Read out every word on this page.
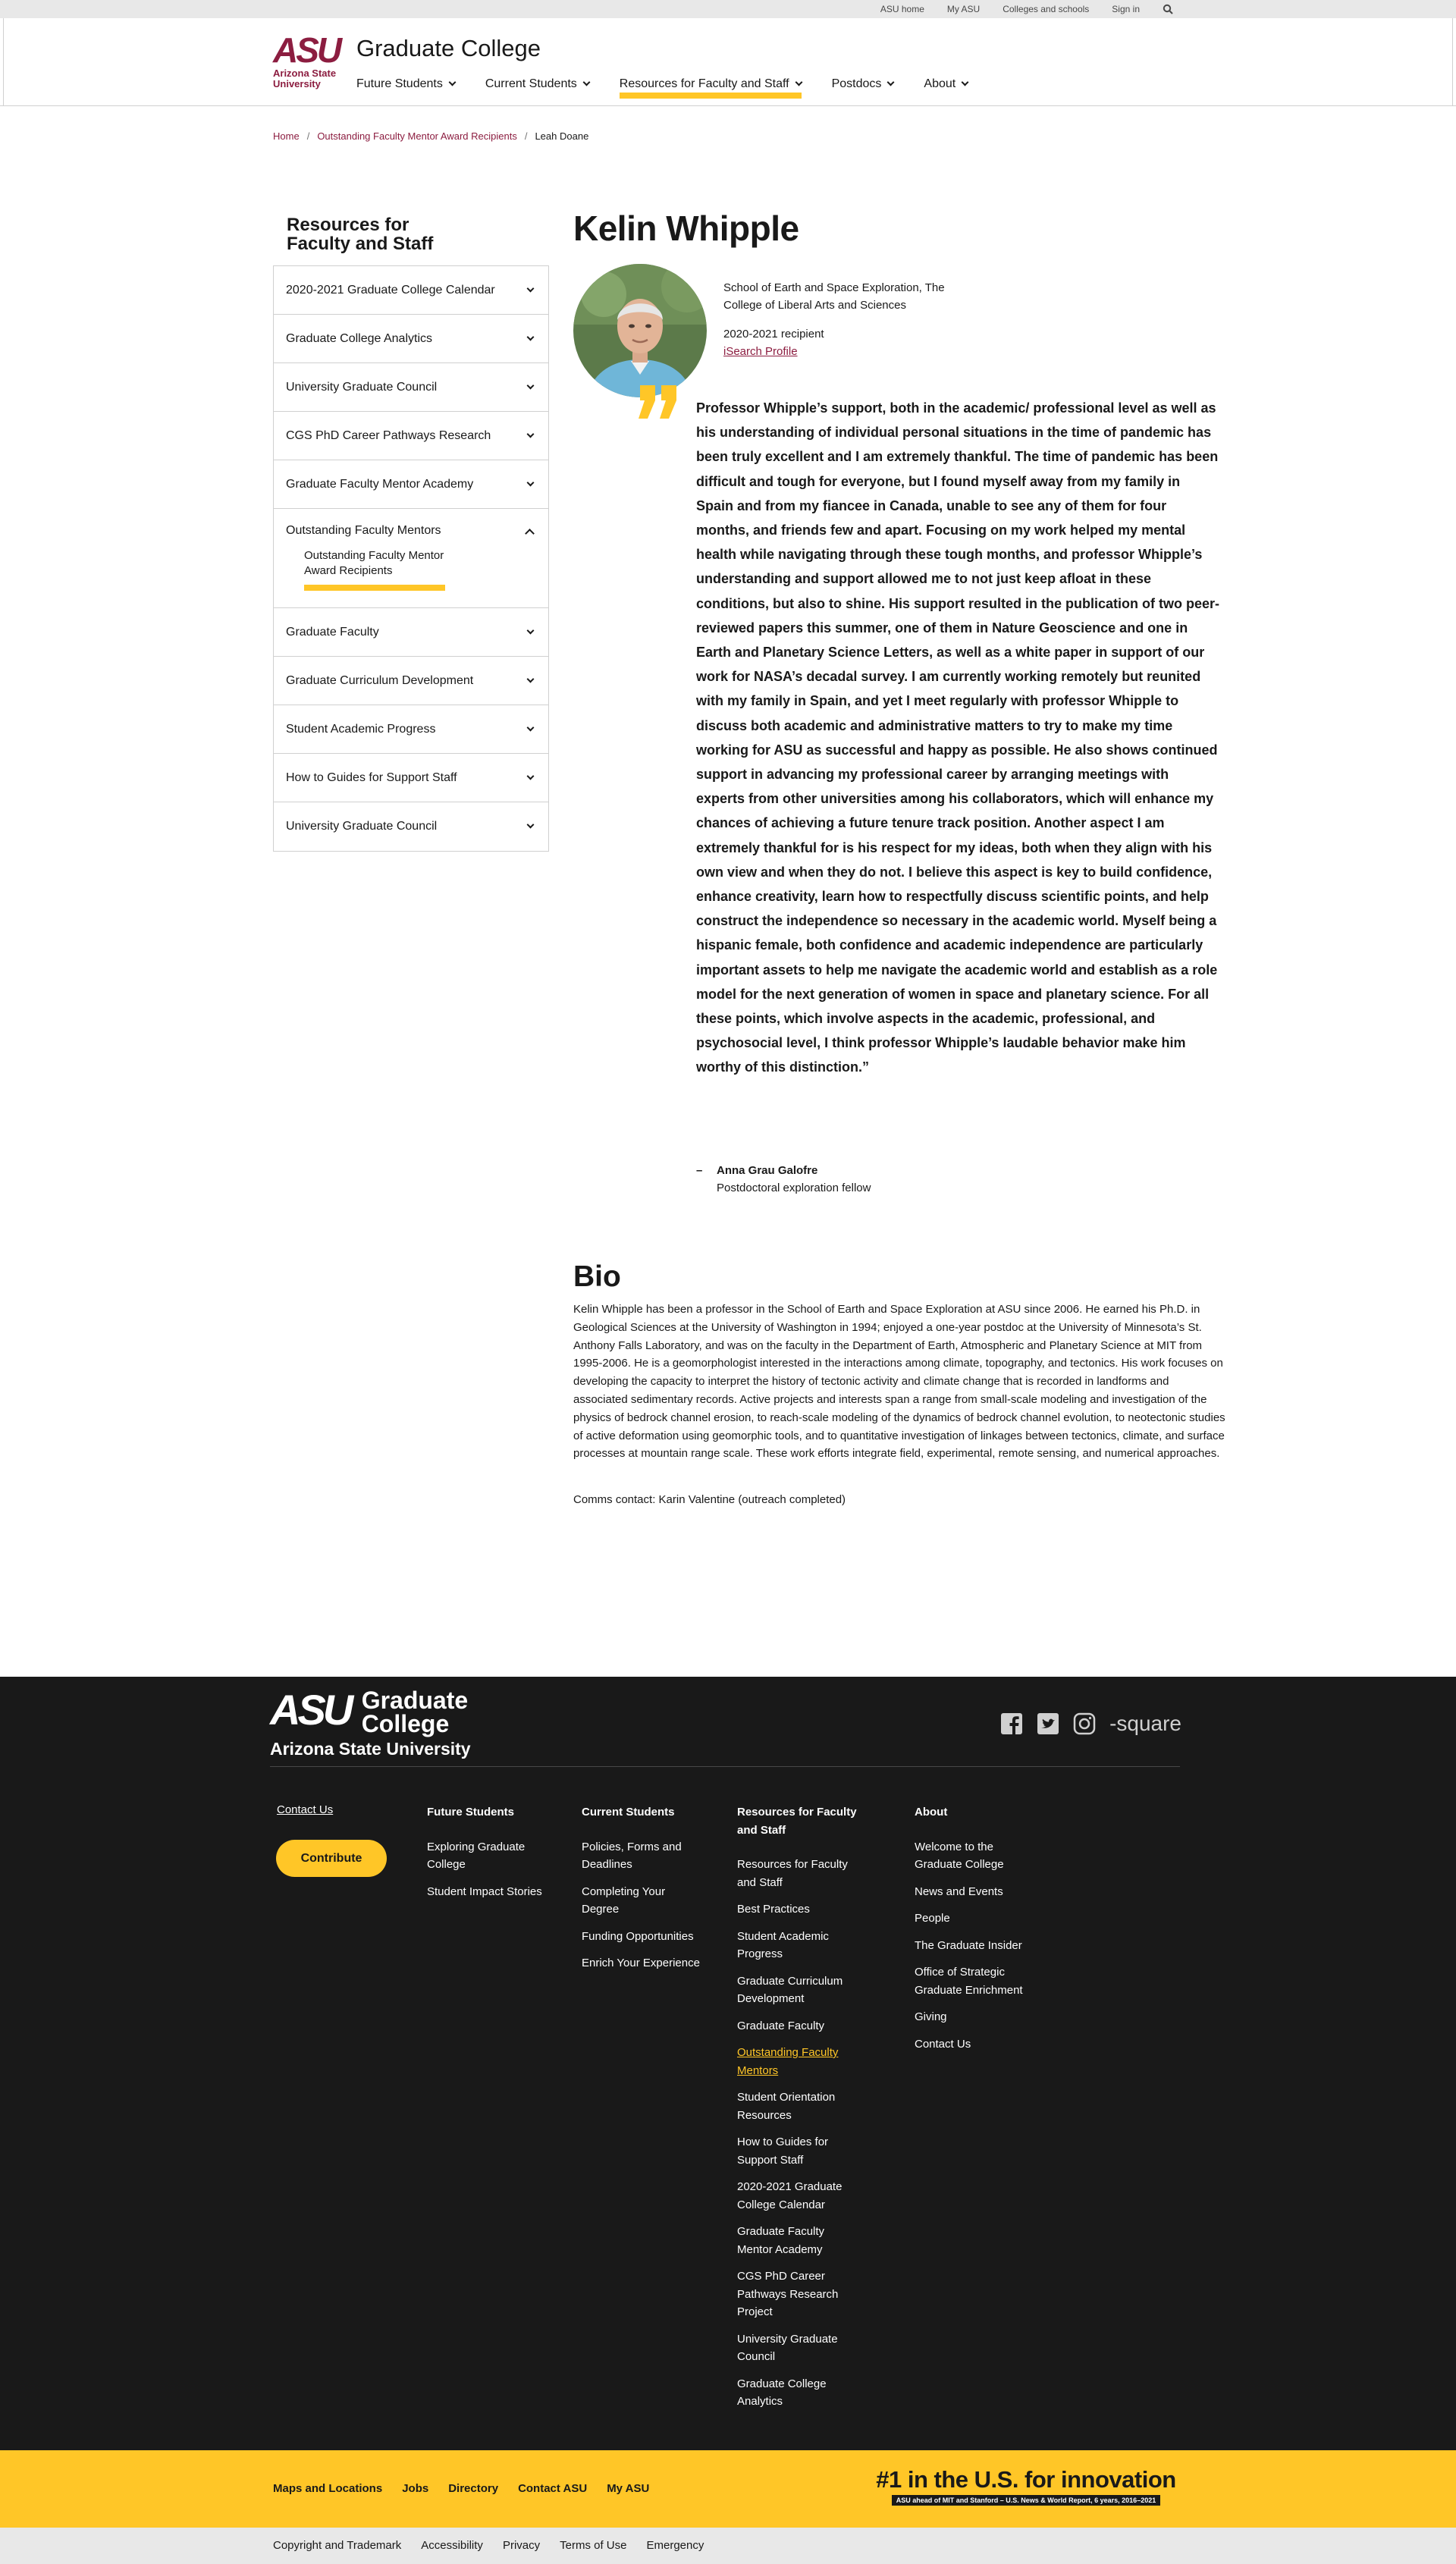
ASU home	My ASU	Colleges and schools	Sign in
ASU
Arizona State University
Graduate College
Future Students	Current Students	Resources for Faculty and Staff	Postdocs	About
Home / Outstanding Faculty Mentor Award Recipients / Leah Doane
Resources for Faculty and Staff
2020-2021 Graduate College Calendar
Graduate College Analytics
University Graduate Council
CGS PhD Career Pathways Research
Graduate Faculty Mentor Academy
Outstanding Faculty Mentors
Outstanding Faculty Mentor Award Recipients
Graduate Faculty
Graduate Curriculum Development
Student Academic Progress
How to Guides for Support Staff
University Graduate Council
Kelin Whipple
School of Earth and Space Exploration, The College of Liberal Arts and Sciences
2020-2021 recipient
iSearch Profile
Professor Whipple’s support, both in the academic/ professional level as well as his understanding of individual personal situations in the time of pandemic has been truly excellent and I am extremely thankful. The time of pandemic has been difficult and tough for everyone, but I found myself away from my family in Spain and from my fiancee in Canada, unable to see any of them for four months, and friends few and apart. Focusing on my work helped my mental health while navigating through these tough months, and professor Whipple’s understanding and support allowed me to not just keep afloat in these conditions, but also to shine. His support resulted in the publication of two peer-reviewed papers this summer, one of them in Nature Geoscience and one in Earth and Planetary Science Letters, as well as a white paper in support of our work for NASA’s decadal survey. I am currently working remotely but reunited with my family in Spain, and yet I meet regularly with professor Whipple to discuss both academic and administrative matters to try to make my time working for ASU as successful and happy as possible. He also shows continued support in advancing my professional career by arranging meetings with experts from other universities among his collaborators, which will enhance my chances of achieving a future tenure track position. Another aspect I am extremely thankful for is his respect for my ideas, both when they align with his own view and when they do not. I believe this aspect is key to build confidence, enhance creativity, learn how to respectfully discuss scientific points, and help construct the independence so necessary in the academic world. Myself being a hispanic female, both confidence and academic independence are particularly important assets to help me navigate the academic world and establish as a role model for the next generation of women in space and planetary science. For all these points, which involve aspects in the academic, professional, and psychosocial level, I think professor Whipple’s laudable behavior make him worthy of this distinction.”
– Anna Grau Galofre
Postdoctoral exploration fellow
Bio

Kelin Whipple has been a professor in the School of Earth and Space Exploration at ASU since 2006. He earned his Ph.D. in Geological Sciences at the University of Washington in 1994; enjoyed a one-year postdoc at the University of Minnesota’s St. Anthony Falls Laboratory, and was on the faculty in the Department of Earth, Atmospheric and Planetary Science at MIT from 1995-2006. He is a geomorphologist interested in the interactions among climate, topography, and tectonics. His work focuses on developing the capacity to interpret the history of tectonic activity and climate change that is recorded in landforms and associated sedimentary records. Active projects and interests span a range from small-scale modeling and investigation of the physics of bedrock channel erosion, to reach-scale modeling of the dynamics of bedrock channel evolution, to neotectonic studies of active deformation using geomorphic tools, and to quantitative investigation of linkages between tectonics, climate, and surface processes at mountain range scale. These work efforts integrate field, experimental, remote sensing, and numerical approaches.

Comms contact: Karin Valentine (outreach completed)
ASU Graduate
College
Arizona State University
-square
Contact Us
Contribute
Future Students
Exploring Graduate College
Student Impact Stories
Current Students
Policies, Forms and Deadlines
Completing Your Degree
Funding Opportunities
Enrich Your Experience
Resources for Faculty and Staff
Resources for Faculty and Staff
Best Practices
Student Academic Progress
Graduate Curriculum Development
Graduate Faculty
Outstanding Faculty Mentors
Student Orientation Resources
How to Guides for Support Staff
2020-2021 Graduate College Calendar
Graduate Faculty Mentor Academy
CGS PhD Career Pathways Research Project
University Graduate Council
Graduate College Analytics
About
Welcome to the Graduate College
News and Events
People
The Graduate Insider
Office of Strategic Graduate Enrichment
Giving
Contact Us
Maps and Locations Jobs Directory Contact ASU My ASU	#1 in the U.S. for innovation
ASU ahead of MIT and Stanford – U.S. News & World Report, 6 years, 2016–2021
Copyright and Trademark Accessibility Privacy Terms of Use Emergency
